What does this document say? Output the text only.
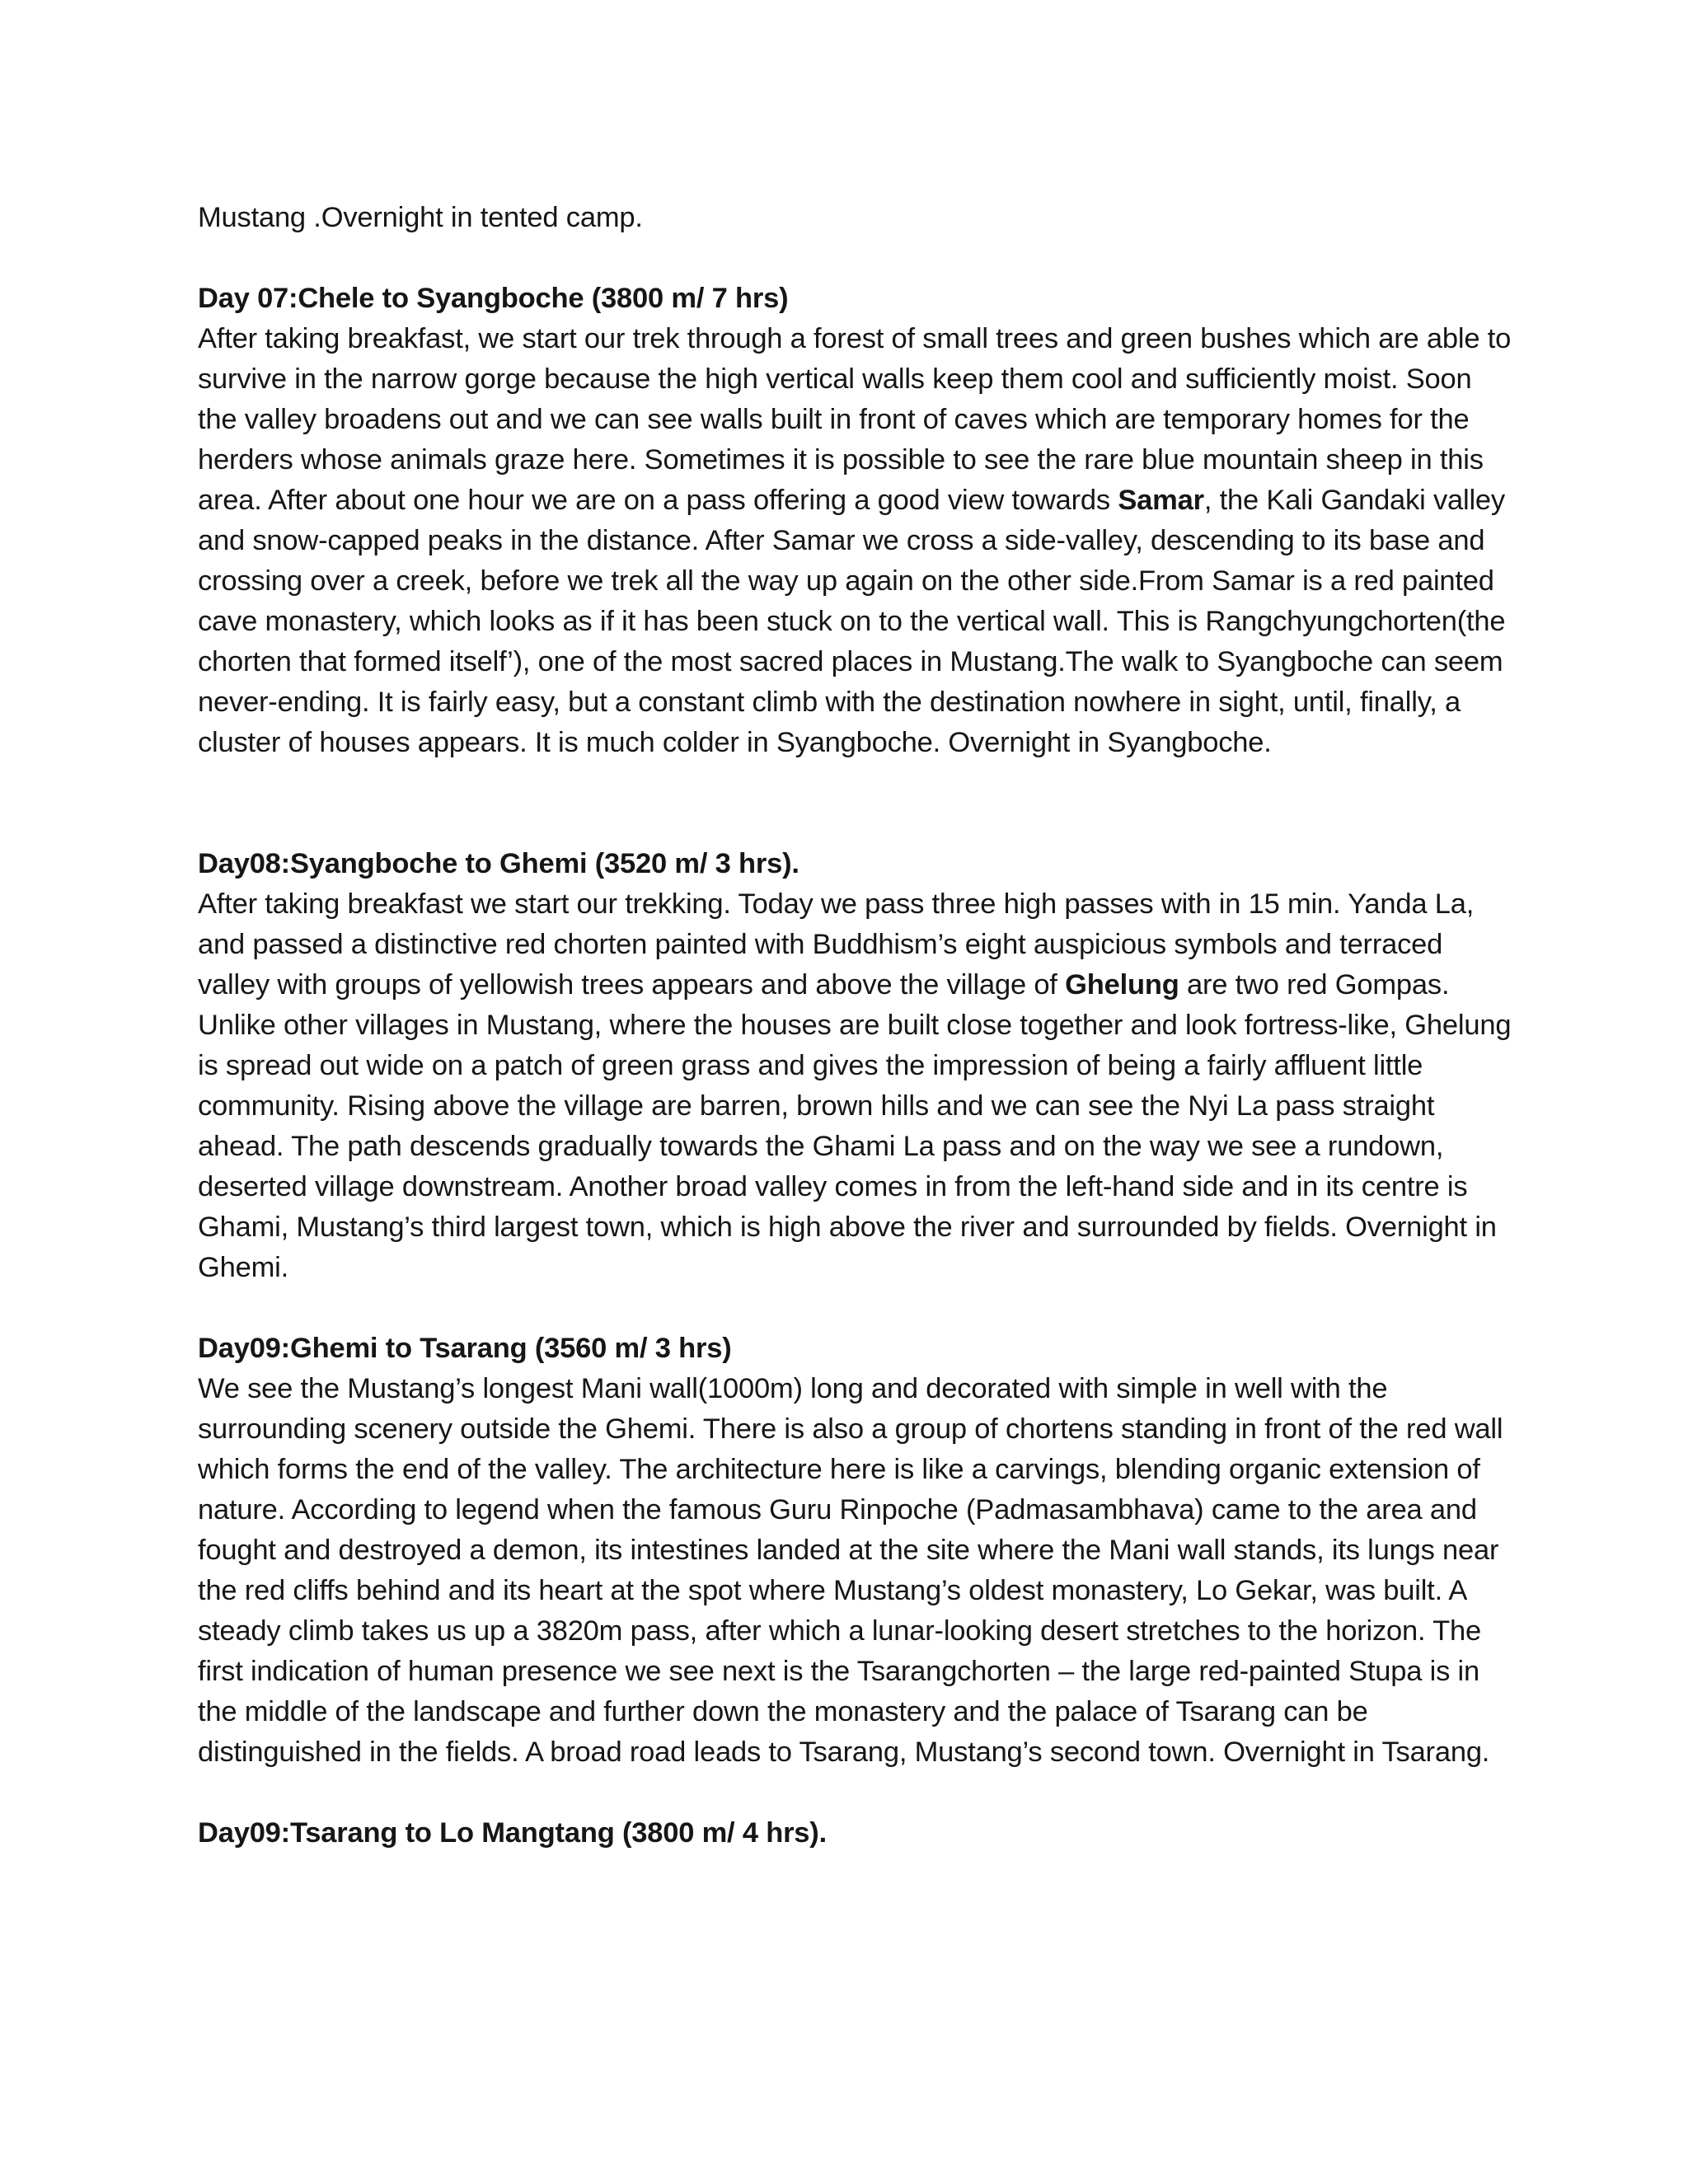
Mustang .Overnight in tented camp.

Day 07:Chele to Syangboche (3800 m/ 7 hrs)

After taking breakfast, we start our trek through a forest of small trees and green bushes which are able to survive in the narrow gorge because the high vertical walls keep them cool and sufficiently moist. Soon the valley broadens out and we can see walls built in front of caves which are temporary homes for the herders whose animals graze here. Sometimes it is possible to see the rare blue mountain sheep in this area. After about one hour we are on a pass offering a good view towards Samar, the Kali Gandaki valley and snow-capped peaks in the distance. After Samar we cross a side-valley, descending to its base and crossing over a creek, before we trek all the way up again on the other side.From Samar is a red painted cave monastery, which looks as if it has been stuck on to the vertical wall. This is Rangchyungchorten(the chorten that formed itself’), one of the most sacred places in Mustang.The walk to Syangboche can seem never-ending. It is fairly easy, but a constant climb with the destination nowhere in sight, until, finally, a cluster of houses appears. It is much colder in Syangboche. Overnight in Syangboche.

Day08:Syangboche to Ghemi (3520 m/ 3 hrs).

After taking breakfast we start our trekking. Today we pass three high passes with in 15 min. Yanda La, and passed a distinctive red chorten painted with Buddhism’s eight auspicious symbols and terraced valley with groups of yellowish trees appears and above the village of Ghelung are two red Gompas. Unlike other villages in Mustang, where the houses are built close together and look fortress-like, Ghelung is spread out wide on a patch of green grass and gives the impression of being a fairly affluent little community. Rising above the village are barren, brown hills and we can see the Nyi La pass straight ahead. The path descends gradually towards the Ghami La pass and on the way we see a rundown, deserted village downstream. Another broad valley comes in from the left-hand side and in its centre is Ghami, Mustang’s third largest town, which is high above the river and surrounded by fields. Overnight in Ghemi.

Day09:Ghemi to Tsarang (3560 m/ 3 hrs)

We see the Mustang’s longest Mani wall(1000m) long and decorated with simple in well with the surrounding scenery outside the Ghemi. There is also a group of chortens standing in front of the red wall which forms the end of the valley. The architecture here is like a carvings, blending organic extension of nature. According to legend when the famous Guru Rinpoche (Padmasambhava) came to the area and fought and destroyed a demon, its intestines landed at the site where the Mani wall stands, its lungs near the red cliffs behind and its heart at the spot where Mustang’s oldest monastery, Lo Gekar, was built. A steady climb takes us up a 3820m pass, after which a lunar-looking desert stretches to the horizon. The first indication of human presence we see next is the Tsarangchorten – the large red-painted Stupa is in the middle of the landscape and further down the monastery and the palace of Tsarang can be distinguished in the fields. A broad road leads to Tsarang, Mustang’s second town. Overnight in Tsarang.

Day09:Tsarang to Lo Mangtang (3800 m/ 4 hrs).
